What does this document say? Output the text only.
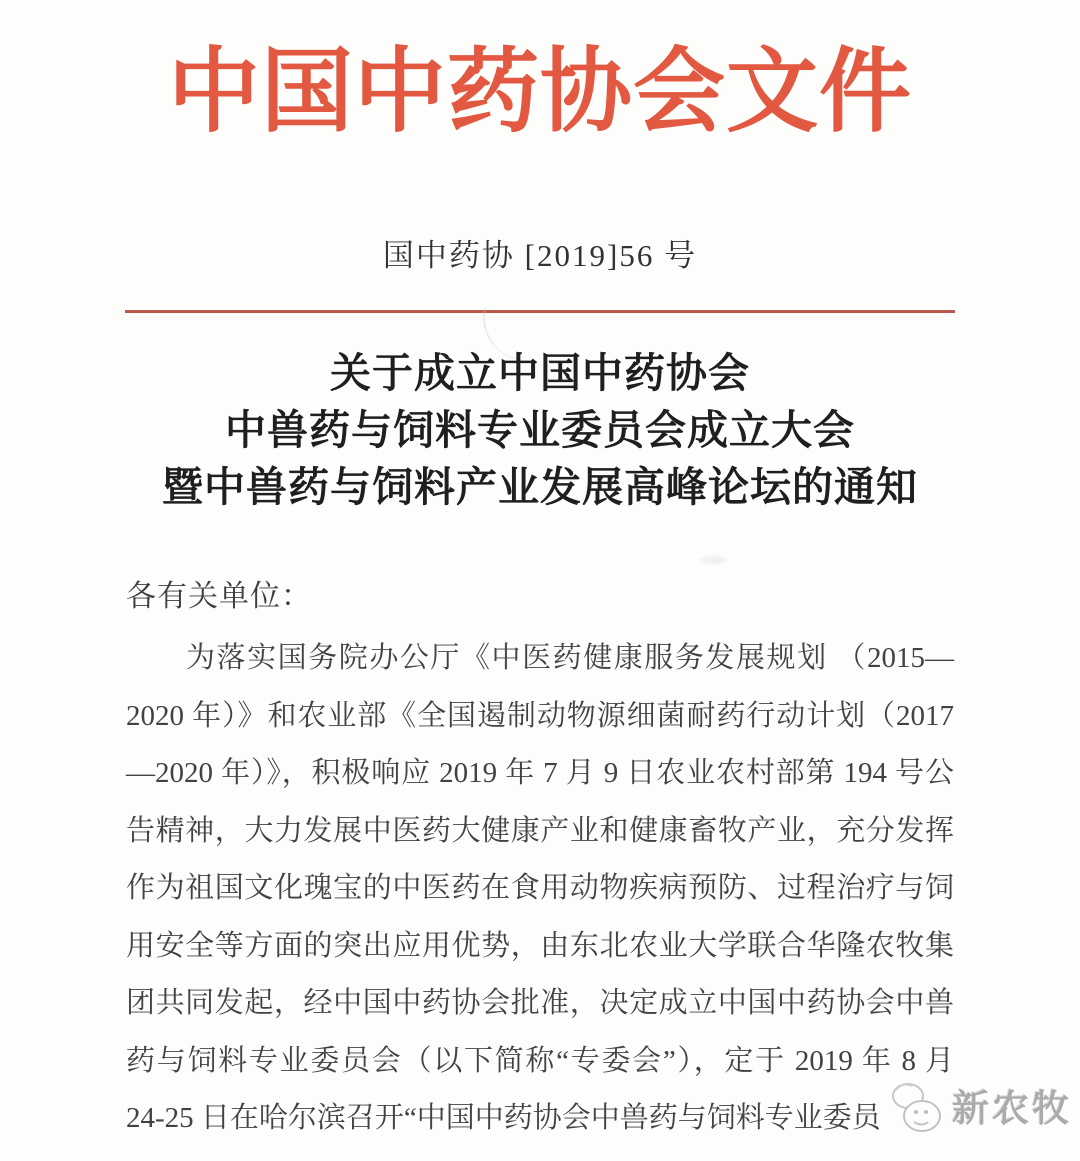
中国中药协会文件
国中药协 [2019]56 号
关于成立中国中药协会
中兽药与饲料专业委员会成立大会
暨中兽药与饲料产业发展高峰论坛的通知
各有关单位：
为落实国务院办公厅《中医药健康服务发展规划 （2015—
2020 年）》和农业部《全国遏制动物源细菌耐药行动计划（2017
—2020 年）》，积极响应 2019 年 7 月 9 日农业农村部第 194 号公
告精神，大力发展中医药大健康产业和健康畜牧产业，充分发挥
作为祖国文化瑰宝的中医药在食用动物疾病预防、过程治疗与饲
用安全等方面的突出应用优势，由东北农业大学联合华隆农牧集
团共同发起，经中国中药协会批准，决定成立中国中药协会中兽
药与饲料专业委员会（以下简称“专委会”），定于 2019 年 8 月
24-25 日在哈尔滨召开“中国中药协会中兽药与饲料专业委员	新农牧
